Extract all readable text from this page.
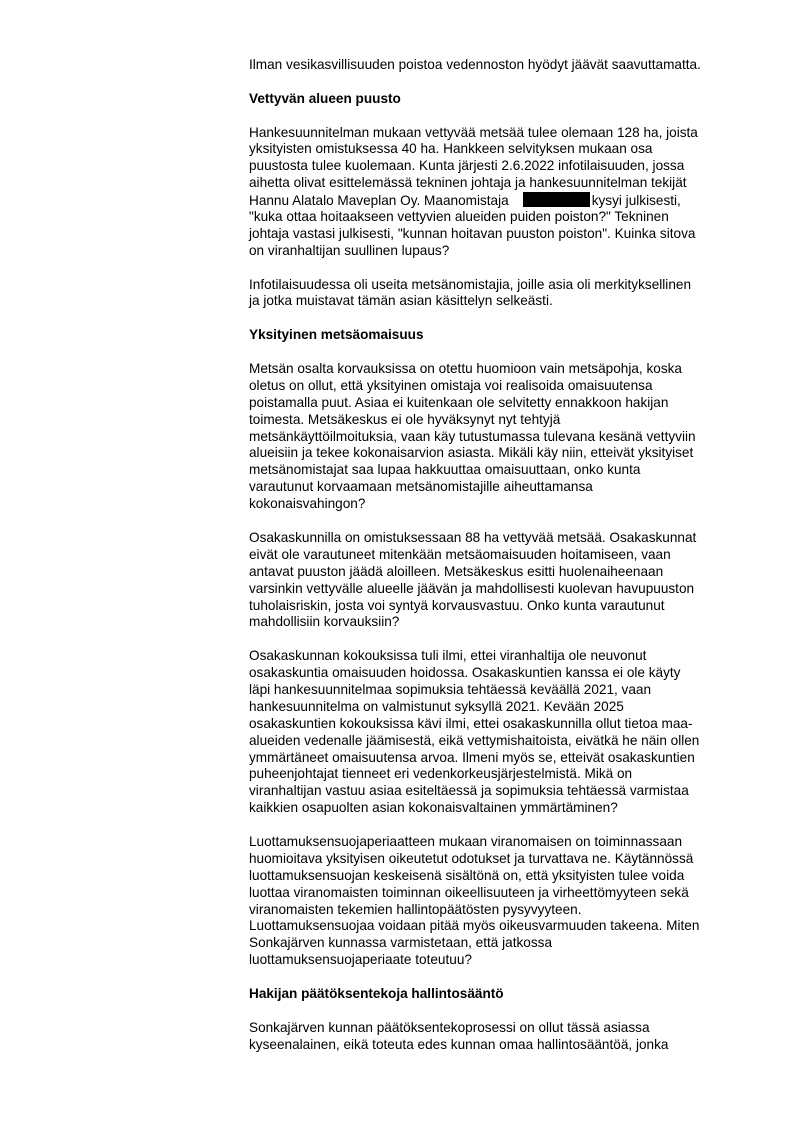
Ilman vesikasvillisuuden poistoa vedennoston hyödyt jäävät saavuttamatta.
Vettyvän alueen puusto
Hankesuunnitelman mukaan vettyvää metsää tulee olemaan 128 ha, joista
yksityisten omistuksessa 40 ha. Hankkeen selvityksen mukaan osa
puustosta tulee kuolemaan. Kunta järjesti 2.6.2022 infotilaisuuden, jossa
aihetta olivat esittelemässä tekninen johtaja ja hankesuunnitelman tekijät
Hannu Alatalo Maveplan Oy. Maanomistaja	kysyi julkisesti,
"kuka ottaa hoitaakseen vettyvien alueiden puiden poiston?" Tekninen
johtaja vastasi julkisesti, "kunnan hoitavan puuston poiston". Kuinka sitova
on viranhaltijan suullinen lupaus?
Infotilaisuudessa oli useita metsänomistajia, joille asia oli merkityksellinen
ja jotka muistavat tämän asian käsittelyn selkeästi.
Yksityinen metsäomaisuus
Metsän osalta korvauksissa on otettu huomioon vain metsäpohja, koska
oletus on ollut, että yksityinen omistaja voi realisoida omaisuutensa
poistamalla puut. Asiaa ei kuitenkaan ole selvitetty ennakkoon hakijan
toimesta. Metsäkeskus ei ole hyväksynyt nyt tehtyjä
metsänkäyttöilmoituksia, vaan käy tutustumassa tulevana kesänä vettyviin
alueisiin ja tekee kokonaisarvion asiasta. Mikäli käy niin, etteivät yksityiset
metsänomistajat saa lupaa hakkuuttaa omaisuuttaan, onko kunta
varautunut korvaamaan metsänomistajille aiheuttamansa
kokonaisvahingon?
Osakaskunnilla on omistuksessaan 88 ha vettyvää metsää. Osakaskunnat
eivät ole varautuneet mitenkään metsäomaisuuden hoitamiseen, vaan
antavat puuston jäädä aloilleen. Metsäkeskus esitti huolenaiheenaan
varsinkin vettyvälle alueelle jäävän ja mahdollisesti kuolevan havupuuston
tuholaisriskin, josta voi syntyä korvausvastuu. Onko kunta varautunut
mahdollisiin korvauksiin?
Osakaskunnan kokouksissa tuli ilmi, ettei viranhaltija ole neuvonut
osakaskuntia omaisuuden hoidossa. Osakaskuntien kanssa ei ole käyty
läpi hankesuunnitelmaa sopimuksia tehtäessä keväällä 2021, vaan
hankesuunnitelma on valmistunut syksyllä 2021. Kevään 2025
osakaskuntien kokouksissa kävi ilmi, ettei osakaskunnilla ollut tietoa maa-
alueiden vedenalle jäämisestä, eikä vettymishaitoista, eivätkä he näin ollen
ymmärtäneet omaisuutensa arvoa. Ilmeni myös se, etteivät osakaskuntien
puheenjohtajat tienneet eri vedenkorkeusjärjestelmistä. Mikä on
viranhaltijan vastuu asiaa esiteltäessä ja sopimuksia tehtäessä varmistaa
kaikkien osapuolten asian kokonaisvaltainen ymmärtäminen?
Luottamuksensuojaperiaatteen mukaan viranomaisen on toiminnassaan
huomioitava yksityisen oikeutetut odotukset ja turvattava ne. Käytännössä
luottamuksensuojan keskeisenä sisältönä on, että yksityisten tulee voida
luottaa viranomaisten toiminnan oikeellisuuteen ja virheettömyyteen sekä
viranomaisten tekemien hallintopäätösten pysyvyyteen.
Luottamuksensuojaa voidaan pitää myös oikeusvarmuuden takeena. Miten
Sonkajärven kunnassa varmistetaan, että jatkossa
luottamuksensuojaperiaate toteutuu?
Hakijan päätöksentekoja hallintosääntö
Sonkajärven kunnan päätöksentekoprosessi on ollut tässä asiassa
kyseenalainen, eikä toteuta edes kunnan omaa hallintosääntöä, jonka
